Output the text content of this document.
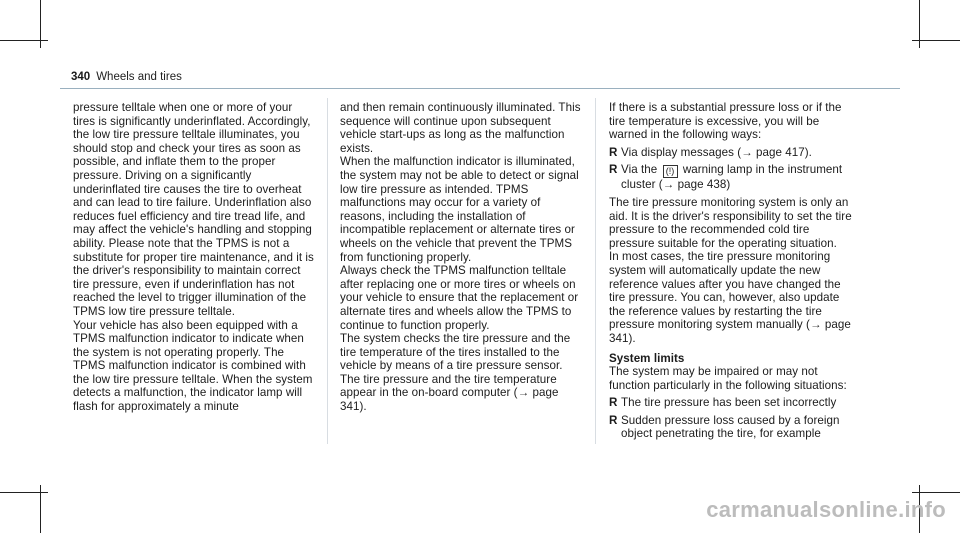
340 Wheels and tires

pressure telltale when one or more of your tires is significantly underinflated. Accordingly, the low tire pressure telltale illuminates, you should stop and check your tires as soon as possible, and inflate them to the proper pressure. Driving on a significantly underinflated tire causes the tire to overheat and can lead to tire failure. Underinflation also reduces fuel efficiency and tire tread life, and may affect the vehicle's handling and stopping ability. Please note that the TPMS is not a substitute for proper tire maintenance, and it is the driver's responsibility to maintain correct tire pressure, even if underinflation has not reached the level to trigger illumination of the TPMS low tire pressure telltale.

Your vehicle has also been equipped with a TPMS malfunction indicator to indicate when the system is not operating properly. The TPMS malfunction indicator is combined with the low tire pressure telltale. When the system detects a malfunction, the indicator lamp will flash for approximately a minute

and then remain continuously illuminated. This sequence will continue upon subsequent vehicle start-ups as long as the malfunction exists.

When the malfunction indicator is illuminated, the system may not be able to detect or signal low tire pressure as intended. TPMS malfunctions may occur for a variety of reasons, including the installation of incompatible replacement or alternate tires or wheels on the vehicle that prevent the TPMS from functioning properly.

Always check the TPMS malfunction telltale after replacing one or more tires or wheels on your vehicle to ensure that the replacement or alternate tires and wheels allow the TPMS to continue to function properly.

The system checks the tire pressure and the tire temperature of the tires installed to the vehicle by means of a tire pressure sensor.

The tire pressure and the tire temperature appear in the on-board computer (→ page 341).

If there is a substantial pressure loss or if the tire temperature is excessive, you will be warned in the following ways:

R Via display messages (→ page 417).
R Via the (!) warning lamp in the instrument cluster (→ page 438)

The tire pressure monitoring system is only an aid. It is the driver's responsibility to set the tire pressure to the recommended cold tire pressure suitable for the operating situation.

In most cases, the tire pressure monitoring system will automatically update the new reference values after you have changed the tire pressure. You can, however, also update the reference values by restarting the tire pressure monitoring system manually (→ page 341).

System limits

The system may be impaired or may not function particularly in the following situations:

R The tire pressure has been set incorrectly
R Sudden pressure loss caused by a foreign object penetrating the tire, for example
carmanualsonline.info
